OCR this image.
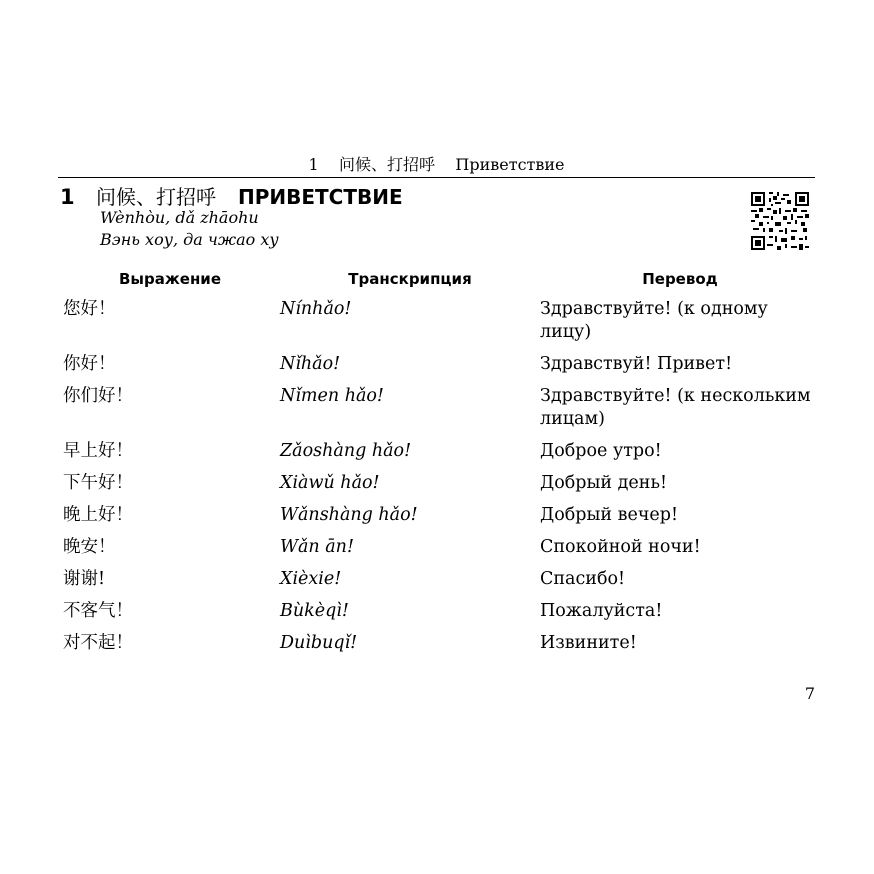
1 问候、打招呼 Приветствие
1	问候、打招呼 ПРИВЕТСТВИЕ
Wènhòu, dǎ zhāohu
Вэнь хоу, да чжао ху
Выражение	Транскрипция	Перевод
您好！	Nínhǎo!	Здравствуйте! (к одному лицу)
你好！	Nǐhǎo!	Здравствуй! Привет!
你们好！	Nǐmen hǎo!	Здравствуйте! (к нескольким лицам)
早上好！	Zǎoshàng hǎo!	Доброе утро!
下午好！	Xiàwǔ hǎo!	Добрый день!
晚上好！	Wǎnshàng hǎo!	Добрый вечер!
晚安！	Wǎn ān!	Спокойной ночи!
谢谢!	Xièxie!	Спасибо!
不客气！	Bùkèqì!	Пожалуйста!
对不起！	Duìbuqǐ!	Извините!
7
